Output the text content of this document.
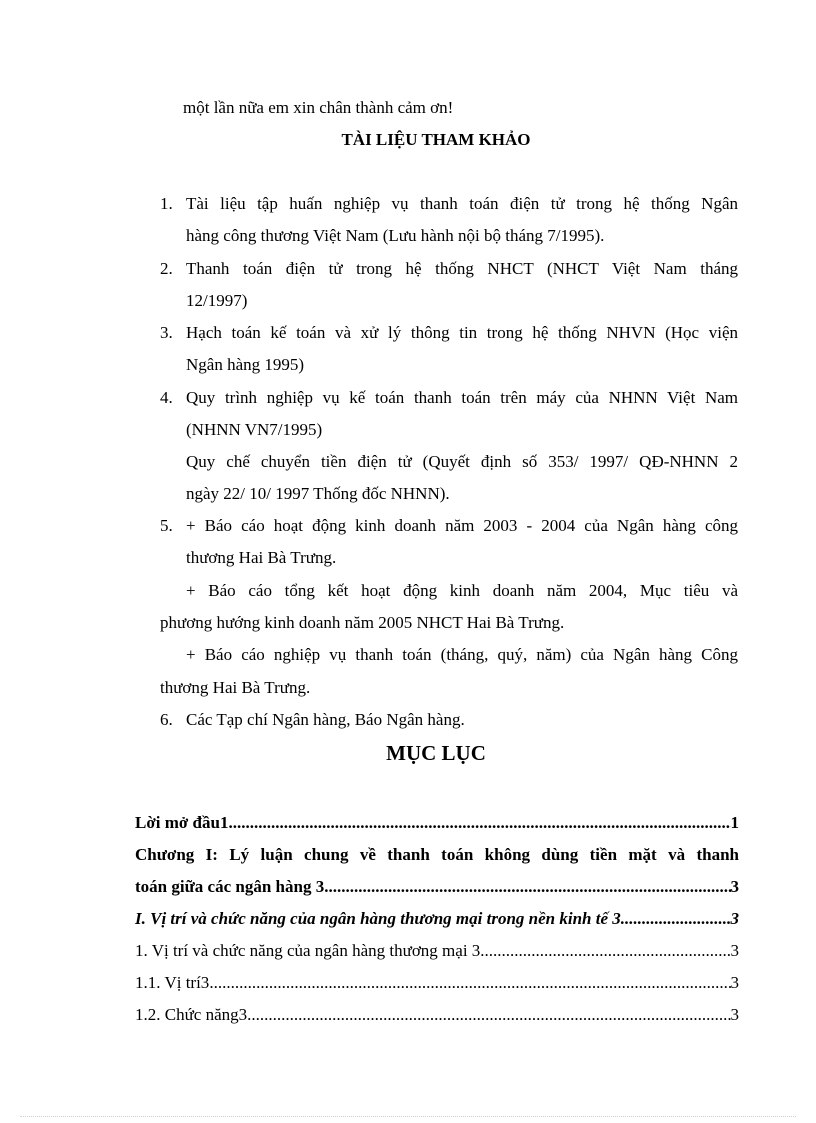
một lần nữa em xin chân thành cảm ơn!
TÀI LIỆU THAM KHẢO
1. Tài liệu tập huấn nghiệp vụ thanh toán điện tử trong hệ thống Ngân
hàng công thương Việt Nam (Lưu hành nội bộ tháng 7/1995).
2. Thanh toán điện tử trong hệ thống NHCT (NHCT Việt Nam tháng
12/1997)
3. Hạch toán kế toán và xử lý thông tin trong hệ thống NHVN (Học viện
Ngân hàng 1995)
4. Quy trình nghiệp vụ kế toán thanh toán trên máy của NHNN Việt Nam
(NHNN VN7/1995)
Quy chế chuyển tiền điện tử (Quyết định số 353/ 1997/ QĐ-NHNN 2
ngày 22/ 10/ 1997 Thống đốc NHNN).
5. + Báo cáo hoạt động kinh doanh năm 2003 - 2004 của Ngân hàng công
thương Hai Bà Trưng.
+ Báo cáo tổng kết hoạt động kinh doanh năm 2004, Mục tiêu và
phương hướng kinh doanh năm 2005 NHCT Hai Bà Trưng.
+ Báo cáo nghiệp vụ thanh toán (tháng, quý, năm) của Ngân hàng Công
thương Hai Bà Trưng.
6. Các Tạp chí Ngân hàng, Báo Ngân hàng.
MỤC LỤC
Lời mở đầu1 .....	1
Chương I: Lý luận chung về thanh toán không dùng tiền mặt và thanh
toán giữa các ngân hàng 3 .....	3
I. Vị trí và chức năng của ngân hàng thương mại trong nền kinh tế 3 .....	3
1. Vị trí và chức năng của ngân hàng thương mại 3 .....	3
1.1. Vị trí3 .....	3
1.2. Chức năng3 .....	3
